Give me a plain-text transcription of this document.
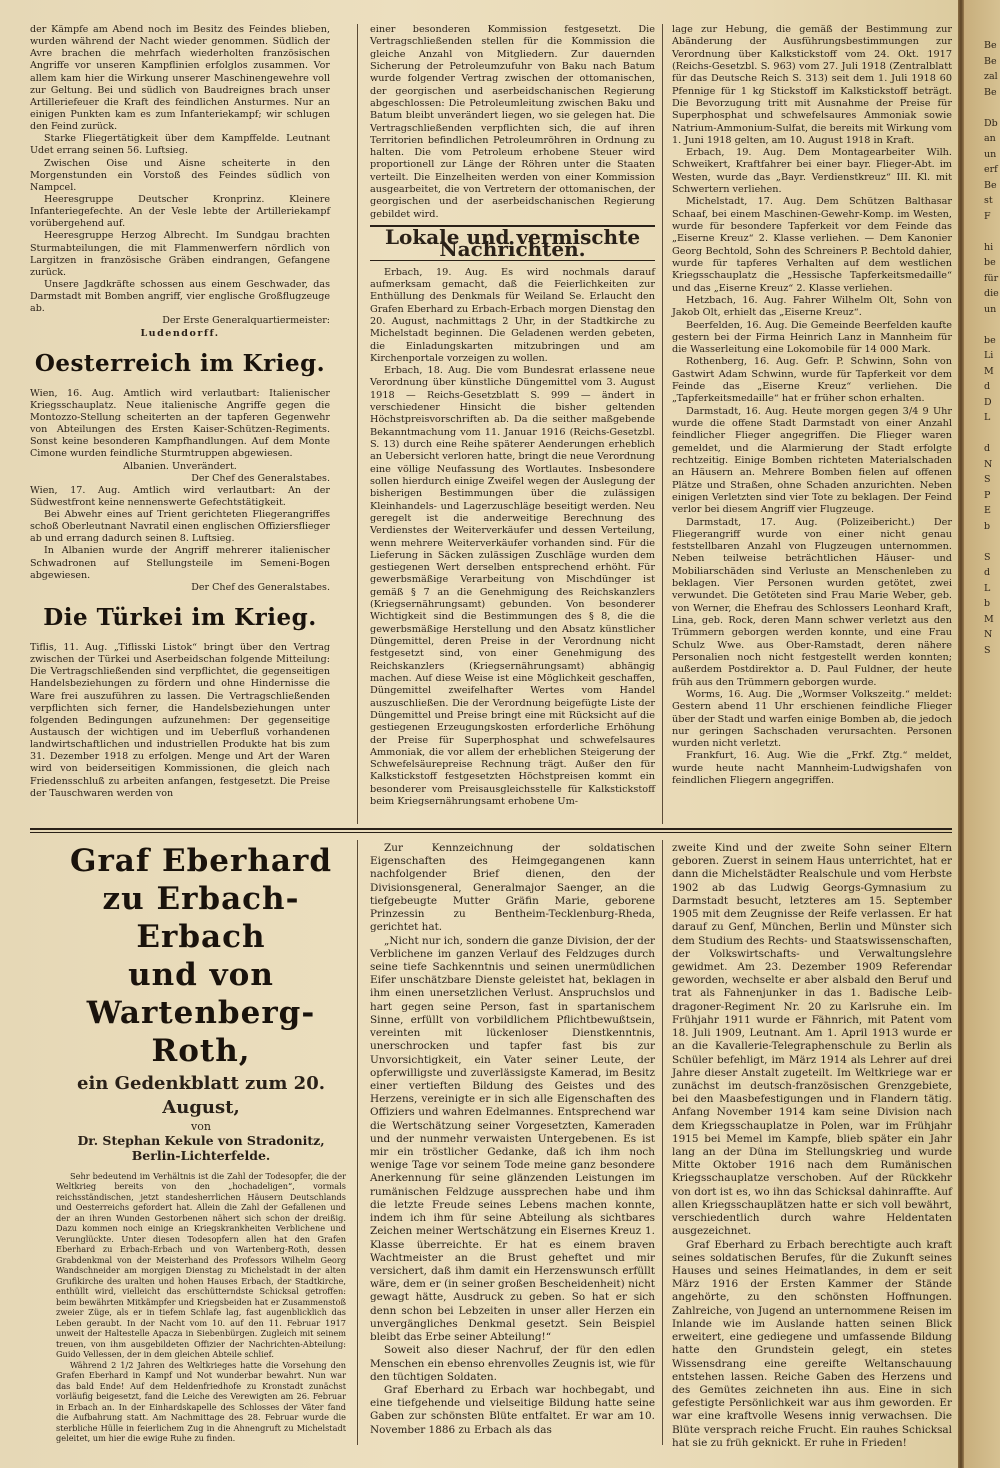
der Kämpfe am Abend noch im Besitz des Feindes blieben, wurden während der Nacht wieder genommen. Südlich der Avre brachen die mehrfach wiederholten französischen Angriffe vor unseren Kampflinien erfolglos zusammen. Vor allem kam hier die Wirkung unserer Maschinengewehre voll zur Geltung. Bei und südlich von Baudreignes brach unser Artilleriefeuer die Kraft des feindlichen Ansturmes. Nur an einigen Punkten kam es zum Infanteriekampf; wir schlugen den Feind zurück.

Starke Fliegertätigkeit über dem Kampffelde. Leutnant Udet errang seinen 56. Luftsieg.

Zwischen Oise und Aisne scheiterte in den Morgenstunden ein Vorstoß des Feindes südlich von Nampcel.

Heeresgruppe Deutscher Kronprinz. Kleinere Infanteriegefechte. An der Vesle lebte der Artilleriekampf vorübergehend auf.

Heeresgruppe Herzog Albrecht. Im Sundgau brachten Sturmabteilungen, die mit Flammenwerfern nördlich von Largitzen in französische Gräben eindrangen, Gefangene zurück.

Unsere Jagdkräfte schossen aus einem Geschwader, das Darmstadt mit Bomben angriff, vier englische Großflugzeuge ab.

Der Erste Generalquartiermeister:

Ludendorff.

Oesterreich im Krieg.

Wien, 16. Aug. Amtlich wird verlautbart: Italienischer Kriegsschauplatz. Neue italienische Angriffe gegen die Montozzo-Stellung scheiterten an der tapferen Gegenwehr von Abteilungen des Ersten Kaiser-Schützen-Regiments. Sonst keine besonderen Kampfhandlungen. Auf dem Monte Cimone wurden feindliche Sturmtruppen abgewiesen.

Albanien. Unverändert.

Der Chef des Generalstabes.

Wien, 17. Aug. Amtlich wird verlautbart: An der Südwestfront keine nennenswerte Gefechtstätigkeit.

Bei Abwehr eines auf Trient gerichteten Fliegerangriffes schoß Oberleutnant Navratil einen englischen Offiziersflieger ab und errang dadurch seinen 8. Luftsieg.

In Albanien wurde der Angriff mehrerer italienischer Schwadronen auf Stellungsteile im Semeni-Bogen abgewiesen.

Der Chef des Generalstabes.

Die Türkei im Krieg.

Tiflis, 11. Aug. „Tiflisski Listok“ bringt über den Vertrag zwischen der Türkei und Aserbeidschan folgende Mitteilung: Die Vertragschließenden sind verpflichtet, die gegenseitigen Handelsbeziehungen zu fördern und ohne Hindernisse die Ware frei auszuführen zu lassen. Die Vertragschließenden verpflichten sich ferner, die Handelsbeziehungen unter folgenden Bedingungen aufzunehmen: Der gegenseitige Austausch der wichtigen und im Ueberfluß vorhandenen landwirtschaftlichen und industriellen Produkte hat bis zum 31. Dezember 1918 zu erfolgen. Menge und Art der Waren wird von beiderseitigen Kommissionen, die gleich nach Friedensschluß zu arbeiten anfangen, festgesetzt. Die Preise der Tauschwaren werden von

einer besonderen Kommission festgesetzt. Die Vertragschließenden stellen für die Kommission die gleiche Anzahl von Mitgliedern. Zur dauernden Sicherung der Petroleumzufuhr von Baku nach Batum wurde folgender Vertrag zwischen der ottomanischen, der georgischen und aserbeidschanischen Regierung abgeschlossen: Die Petroleumleitung zwischen Baku und Batum bleibt unverändert liegen, wo sie gelegen hat. Die Vertragschließenden verpflichten sich, die auf ihren Territorien befindlichen Petroleumröhren in Ordnung zu halten. Die vom Petroleum erhobene Steuer wird proportionell zur Länge der Röhren unter die Staaten verteilt. Die Einzelheiten werden von einer Kommission ausgearbeitet, die von Vertretern der ottomanischen, der georgischen und der aserbeidschanischen Regierung gebildet wird.

Lokale und vermischte Nachrichten.

Erbach, 19. Aug. Es wird nochmals darauf aufmerksam gemacht, daß die Feierlichkeiten zur Enthüllung des Denkmals für Weiland Se. Erlaucht den Grafen Eberhard zu Erbach-Erbach morgen Dienstag den 20. August, nachmittags 2 Uhr, in der Stadtkirche zu Michelstadt beginnen. Die Geladenen werden gebeten, die Einladungskarten mitzubringen und am Kirchenportale vorzeigen zu wollen.

Erbach, 18. Aug. Die vom Bundesrat erlassene neue Verordnung über künstliche Düngemittel vom 3. August 1918 — Reichs-Gesetzblatt S. 999 — ändert in verschiedener Hinsicht die bisher geltenden Höchstpreisvorschriften ab. Da die seither maßgebende Bekanntmachung vom 11. Januar 1916 (Reichs-Gesetzbl. S. 13) durch eine Reihe späterer Aenderungen erheblich an Uebersicht verloren hatte, bringt die neue Verordnung eine völlige Neufassung des Wortlautes. Insbesondere sollen hierdurch einige Zweifel wegen der Auslegung der bisherigen Bestimmungen über die zulässigen Kleinhandels- und Lagerzuschläge beseitigt werden. Neu geregelt ist die anderweitige Berechnung des Verdienstes der Weiterverkäufer und dessen Verteilung, wenn mehrere Weiterverkäufer vorhanden sind. Für die Lieferung in Säcken zulässigen Zuschläge wurden dem gestiegenen Wert derselben entsprechend erhöht. Für gewerbsmäßige Verarbeitung von Mischdünger ist gemäß § 7 an die Genehmigung des Reichskanzlers (Kriegsernährungsamt) gebunden. Von besonderer Wichtigkeit sind die Bestimmungen des § 8, die die gewerbsmäßige Herstellung und den Absatz künstlicher Düngemittel, deren Preise in der Verordnung nicht festgesetzt sind, von einer Genehmigung des Reichskanzlers (Kriegsernährungsamt) abhängig machen. Auf diese Weise ist eine Möglichkeit geschaffen, Düngemittel zweifelhafter Wertes vom Handel auszuschließen. Die der Verordnung beigefügte Liste der Düngemittel und Preise bringt eine mit Rücksicht auf die gestiegenen Erzeugungskosten erforderliche Erhöhung der Preise für Superphosphat und schwefelsaures Ammoniak, die vor allem der erheblichen Steigerung der Schwefelsäurepreise Rechnung trägt. Außer den für Kalkstickstoff festgesetzten Höchstpreisen kommt ein besonderer vom Preisausgleichsstelle für Kalkstickstoff beim Kriegsernährungsamt erhobene Um-

lage zur Hebung, die gemäß der Bestimmung zur Abänderung der Ausführungsbestimmungen zur Verordnung über Kalkstickstoff vom 24. Okt. 1917 (Reichs-Gesetzbl. S. 963) vom 27. Juli 1918 (Zentralblatt für das Deutsche Reich S. 313) seit dem 1. Juli 1918 60 Pfennige für 1 kg Stickstoff im Kalkstickstoff beträgt. Die Bevorzugung tritt mit Ausnahme der Preise für Superphosphat und schwefelsaures Ammoniak sowie Natrium-Ammonium-Sulfat, die bereits mit Wirkung vom 1. Juni 1918 gelten, am 10. August 1918 in Kraft.

Erbach, 19. Aug. Dem Montagearbeiter Wilh. Schweikert, Kraftfahrer bei einer bayr. Flieger-Abt. im Westen, wurde das „Bayr. Verdienstkreuz“ III. Kl. mit Schwertern verliehen.

Michelstadt, 17. Aug. Dem Schützen Balthasar Schaaf, bei einem Maschinen-Gewehr-Komp. im Westen, wurde für besondere Tapferkeit vor dem Feinde das „Eiserne Kreuz“ 2. Klasse verliehen. — Dem Kanonier Georg Bechtold, Sohn des Schreiners P. Bechtold dahier, wurde für tapferes Verhalten auf dem westlichen Kriegsschauplatz die „Hessische Tapferkeitsmedaille“ und das „Eiserne Kreuz“ 2. Klasse verliehen.

Hetzbach, 16. Aug. Fahrer Wilhelm Olt, Sohn von Jakob Olt, erhielt das „Eiserne Kreuz“.

Beerfelden, 16. Aug. Die Gemeinde Beerfelden kaufte gestern bei der Firma Heinrich Lanz in Mannheim für die Wasserleitung eine Lokomobile für 14 000 Mark.

Rothenberg, 16. Aug. Gefr. P. Schwinn, Sohn von Gastwirt Adam Schwinn, wurde für Tapferkeit vor dem Feinde das „Eiserne Kreuz“ verliehen. Die „Tapferkeitsmedaille“ hat er früher schon erhalten.

Darmstadt, 16. Aug. Heute morgen gegen 3/4 9 Uhr wurde die offene Stadt Darmstadt von einer Anzahl feindlicher Flieger angegriffen. Die Flieger waren gemeldet, und die Alarmierung der Stadt erfolgte rechtzeitig. Einige Bomben richteten Materialschaden an Häusern an. Mehrere Bomben fielen auf offenen Plätze und Straßen, ohne Schaden anzurichten. Neben einigen Verletzten sind vier Tote zu beklagen. Der Feind verlor bei diesem Angriff vier Flugzeuge.

Darmstadt, 17. Aug. (Polizeibericht.) Der Fliegerangriff wurde von einer nicht genau feststellbaren Anzahl von Flugzeugen unternommen. Neben teilweise beträchtlichen Häuser- und Mobiliarschäden sind Verluste an Menschenleben zu beklagen. Vier Personen wurden getötet, zwei verwundet. Die Getöteten sind Frau Marie Weber, geb. von Werner, die Ehefrau des Schlossers Leonhard Kraft, Lina, geb. Rock, deren Mann schwer verletzt aus den Trümmern geborgen werden konnte, und eine Frau Schulz Wwe. aus Ober-Ramstadt, deren nähere Personalien noch nicht festgestellt werden konnten; außerdem Postdirektor a. D. Paul Fuldner, der heute früh aus den Trümmern geborgen wurde.

Worms, 16. Aug. Die „Wormser Volkszeitg.“ meldet: Gestern abend 11 Uhr erschienen feindliche Flieger über der Stadt und warfen einige Bomben ab, die jedoch nur geringen Sachschaden verursachten. Personen wurden nicht verletzt.

Frankfurt, 16. Aug. Wie die „Frkf. Ztg.“ meldet, wurde heute nacht Mannheim-Ludwigshafen von feindlichen Fliegern angegriffen.

Graf Eberhard zu Erbach-Erbach
und von Wartenberg-Roth,
ein Gedenkblatt zum 20. August,
von
Dr. Stephan Kekule von Stradonitz, Berlin-Lichterfelde.

Sehr bedeutend im Verhältnis ist die Zahl der Todesopfer, die der Weltkrieg bereits von den „hochadeligen“, vormals reichsständischen, jetzt standesherrlichen Häusern Deutschlands und Oesterreichs gefordert hat. Allein die Zahl der Gefallenen und der an ihren Wunden Gestorbenen nähert sich schon der dreißig. Dazu kommen noch einige an Kriegskrankheiten Verblichene und Verunglückte. Unter diesen Todesopfern allen hat den Grafen Eberhard zu Erbach-Erbach und von Wartenberg-Roth, dessen Grabdenkmal von der Meisterhand des Professors Wilhelm Georg Wandschneider am morgigen Dienstag zu Michelstadt in der alten Grufikirche des uralten und hohen Hauses Erbach, der Stadtkirche, enthüllt wird, vielleicht das erschütterndste Schicksal getroffen: beim bewährten Mitkämpfer und Kriegsbeiden hat er Zusammenstoß zweier Züge, als er in tiefem Schlafe lag, fast augenblicklich das Leben geraubt. In der Nacht vom 10. auf den 11. Februar 1917 unweit der Haltestelle Apacza in Siebenbürgen. Zugleich mit seinem treuen, von ihm ausgebildeten Offizier der Nachrichten-Abteilung: Guido Vellessen, der in dem gleichen Abteile schlief.

Während 2 1/2 Jahren des Weltkrieges hatte die Vorsehung den Grafen Eberhard in Kampf und Not wunderbar bewahrt. Nun war das bald Ende! Auf dem Heldenfriedhofe zu Kronstadt zunächst vorläufig beigesetzt, fand die Leiche des Verewigten am 26. Februar in Erbach an. In der Einhardskapelle des Schlosses der Väter fand die Aufbahrung statt. Am Nachmittage des 28. Februar wurde die sterbliche Hülle in feierlichem Zug in die Ahnengruft zu Michelstadt geleitet, um hier die ewige Ruhe zu finden.

Zur Kennzeichnung der soldatischen Eigenschaften des Heimgegangenen kann nachfolgender Brief dienen, den der Divisionsgeneral, Generalmajor Saenger, an die tiefgebeugte Mutter Gräfin Marie, geborene Prinzessin zu Bentheim-Tecklenburg-Rheda, gerichtet hat.

„Nicht nur ich, sondern die ganze Division, der der Verblichene im ganzen Verlauf des Feldzuges durch seine tiefe Sachkenntnis und seinen unermüdlichen Eifer unschätzbare Dienste geleistet hat, beklagen in ihm einen unersetzlichen Verlust. Anspruchslos und hart gegen seine Person, fast in spartanischem Sinne, erfüllt von vorbildlichem Pflichtbewußtsein, vereinten mit lückenloser Dienstkenntnis, unerschrocken und tapfer fast bis zur Unvorsichtigkeit, ein Vater seiner Leute, der opferwilligste und zuverlässigste Kamerad, im Besitz einer vertieften Bildung des Geistes und des Herzens, vereinigte er in sich alle Eigenschaften des Offiziers und wahren Edelmannes. Entsprechend war die Wertschätzung seiner Vorgesetzten, Kameraden und der nunmehr verwaisten Untergebenen. Es ist mir ein tröstlicher Gedanke, daß ich ihm noch wenige Tage vor seinem Tode meine ganz besondere Anerkennung für seine glänzenden Leistungen im rumänischen Feldzuge aussprechen habe und ihm die letzte Freude seines Lebens machen konnte, indem ich ihm für seine Abteilung als sichtbares Zeichen meiner Wertschätzung ein Eisernes Kreuz 1. Klasse überreichte. Er hat es einem braven Wachtmeister an die Brust geheftet und mir versichert, daß ihm damit ein Herzenswunsch erfüllt wäre, dem er (in seiner großen Bescheidenheit) nicht gewagt hätte, Ausdruck zu geben. So hat er sich denn schon bei Lebzeiten in unser aller Herzen ein unvergängliches Denkmal gesetzt. Sein Beispiel bleibt das Erbe seiner Abteilung!“

Soweit also dieser Nachruf, der für den edlen Menschen ein ebenso ehrenvolles Zeugnis ist, wie für den tüchtigen Soldaten.

Graf Eberhard zu Erbach war hochbegabt, und eine tiefgehende und vielseitige Bildung hatte seine Gaben zur schönsten Blüte entfaltet. Er war am 10. November 1886 zu Erbach als das

zweite Kind und der zweite Sohn seiner Eltern geboren. Zuerst in seinem Haus unterrichtet, hat er dann die Michelstädter Realschule und vom Herbste 1902 ab das Ludwig Georgs-Gymnasium zu Darmstadt besucht, letzteres am 15. September 1905 mit dem Zeugnisse der Reife verlassen. Er hat darauf zu Genf, München, Berlin und Münster sich dem Studium des Rechts- und Staatswissenschaften, der Volkswirtschafts- und Verwaltungslehre gewidmet. Am 23. Dezember 1909 Referendar geworden, wechselte er aber alsbald den Beruf und trat als Fahnenjunker in das 1. Badische Leib-dragoner-Regiment Nr. 20 zu Karlsruhe ein. Im Frühjahr 1911 wurde er Fähnrich, mit Patent vom 18. Juli 1909, Leutnant. Am 1. April 1913 wurde er an die Kavallerie-Telegraphenschule zu Berlin als Schüler befehligt, im März 1914 als Lehrer auf drei Jahre dieser Anstalt zugeteilt. Im Weltkriege war er zunächst im deutsch-französischen Grenzgebiete, bei den Maasbefestigungen und in Flandern tätig. Anfang November 1914 kam seine Division nach dem Kriegsschauplatze in Polen, war im Frühjahr 1915 bei Memel im Kampfe, blieb später ein Jahr lang an der Düna im Stellungskrieg und wurde Mitte Oktober 1916 nach dem Rumänischen Kriegsschauplatze verschoben. Auf der Rückkehr von dort ist es, wo ihn das Schicksal dahinraffte. Auf allen Kriegsschauplätzen hatte er sich voll bewährt, verschiedentlich durch wahre Heldentaten ausgezeichnet.

Graf Eberhard zu Erbach berechtigte auch kraft seines soldatischen Berufes, für die Zukunft seines Hauses und seines Heimatlandes, in dem er seit März 1916 der Ersten Kammer der Stände angehörte, zu den schönsten Hoffnungen. Zahlreiche, von Jugend an unternommene Reisen im Inlande wie im Auslande hatten seinen Blick erweitert, eine gediegene und umfassende Bildung hatte den Grundstein gelegt, ein stetes Wissensdrang eine gereifte Weltanschauung entstehen lassen. Reiche Gaben des Herzens und des Gemütes zeichneten ihn aus. Eine in sich gefestigte Persönlichkeit war aus ihm geworden. Er war eine kraftvolle Wesens innig verwachsen. Die Blüte versprach reiche Frucht. Ein rauhes Schicksal hat sie zu früh geknickt. Er ruhe in Frieden!

Be
Be
zal
Be

Db
an
un
erf
Be
st
F

hi
be
für
die
un

be
Li
M
d
D
L

d
N
S
P
E
b

S
d
L
b
M
N
S
